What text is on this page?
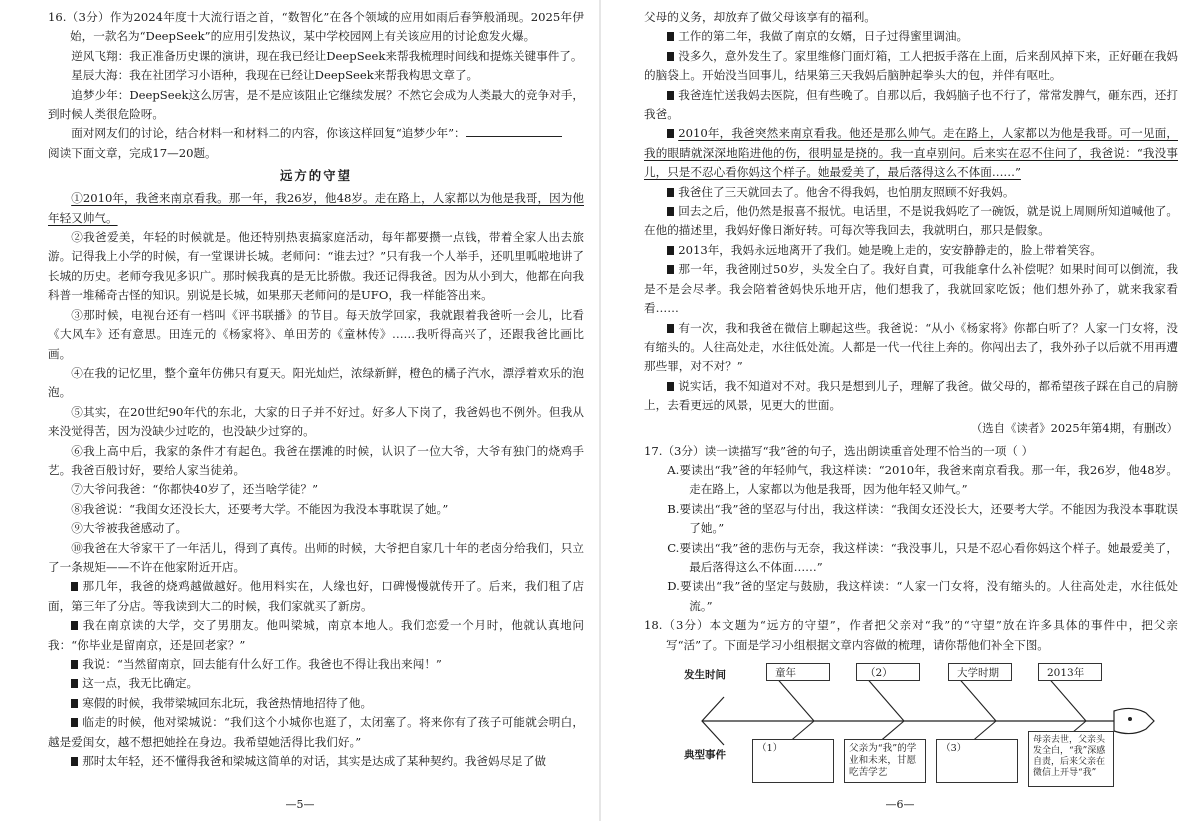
16.（3分）作为2024年度十大流行语之首，“数智化”在各个领域的应用如雨后春笋般涌现。2025年伊始，一款名为“DeepSeek”的应用引发热议，某中学校园网上有关该应用的讨论愈发火爆。

逆风飞翔：我正准备历史课的演讲，现在我已经让DeepSeek来帮我梳理时间线和提炼关键事件了。

星辰大海：我在社团学习小语种，我现在已经让DeepSeek来帮我构思文章了。

追梦少年：DeepSeek这么厉害，是不是应该阻止它继续发展？不然它会成为人类最大的竞争对手，到时候人类很危险呀。

面对网友们的讨论，结合材料一和材料二的内容，你该这样回复“追梦少年”：

阅读下面文章，完成17—20题。

远方的守望

①2010年，我爸来南京看我。那一年，我26岁，他48岁。走在路上，人家都以为他是我哥，因为他年轻又帅气。

②我爸爱美，年轻的时候就是。他还特别热衷搞家庭活动，每年都要攒一点钱，带着全家人出去旅游。记得我上小学的时候，有一堂课讲长城。老师问：“谁去过？”只有我一个人举手，还叽里呱啦地讲了长城的历史。老师夸我见多识广。那时候我真的是无比骄傲。我还记得我爸。因为从小到大，他都在向我科普一堆稀奇古怪的知识。别说是长城，如果那天老师问的是UFO，我一样能答出来。

③那时候，电视台还有一档叫《评书联播》的节目。每天放学回家，我就跟着我爸听一会儿，比看《大风车》还有意思。田连元的《杨家将》、单田芳的《童林传》……我听得高兴了，还跟我爸比画比画。

④在我的记忆里，整个童年仿佛只有夏天。阳光灿烂，浓绿新鲜，橙色的橘子汽水，漂浮着欢乐的泡泡。

⑤其实，在20世纪90年代的东北，大家的日子并不好过。好多人下岗了，我爸妈也不例外。但我从来没觉得苦，因为没缺少过吃的，也没缺少过穿的。

⑥我上高中后，我家的条件才有起色。我爸在摆滩的时候，认识了一位大爷，大爷有独门的烧鸡手艺。我爸百般讨好，要给人家当徒弟。

⑦大爷问我爸：“你都快40岁了，还当啥学徒？”

⑧我爸说：“我闺女还没长大，还要考大学。不能因为我没本事耽误了她。”

⑨大爷被我爸感动了。

⑩我爸在大爷家干了一年活儿，得到了真传。出师的时候，大爷把自家几十年的老卤分给我们，只立了一条规矩——不许在他家附近开店。

那几年，我爸的烧鸡越做越好。他用料实在，人缘也好，口碑慢慢就传开了。后来，我们租了店面，第三年了分店。等我读到大二的时候，我们家就买了新房。

我在南京读的大学，交了男朋友。他叫梁城，南京本地人。我们恋爱一个月时，他就认真地问我：“你毕业是留南京，还是回老家？”

我说：“当然留南京，回去能有什么好工作。我爸也不得让我出来闯！”

这一点，我无比确定。

寒假的时候，我带梁城回东北玩，我爸热情地招待了他。

临走的时候，他对梁城说：“我们这个小城你也逛了，太闭塞了。将来你有了孩子可能就会明白，越是爱闺女，越不想把她拴在身边。我希望她活得比我们好。”

那时太年轻，还不懂得我爸和梁城这简单的对话，其实是达成了某种契约。我爸妈尽足了做

—5—

父母的义务，却放弃了做父母该享有的福利。

工作的第二年，我做了南京的女婿，日子过得蜜里调油。

没多久，意外发生了。家里维修门面灯箱，工人把扳手落在上面，后来刮风掉下来，正好砸在我妈的脑袋上。开始没当回事儿，结果第三天我妈后脑肿起拳头大的包，并伴有呕吐。

我爸连忙送我妈去医院，但有些晚了。自那以后，我妈脑子也不行了，常常发脾气，砸东西，还打我爸。

2010年，我爸突然来南京看我。他还是那么帅气。走在路上，人家都以为他是我哥。可一见面，我的眼睛就深深地陷进他的伤，很明显是挠的。我一直卓别问。后来实在忍不住问了，我爸说：“我没事儿，只是不忍心看你妈这个样子。她最爱美了，最后落得这么不体面……”

我爸住了三天就回去了。他舍不得我妈，也怕朋友照顾不好我妈。

回去之后，他仍然是报喜不报忧。电话里，不是说我妈吃了一碗饭，就是说上周厕所知道喊他了。在他的描述里，我妈好像日渐好转。可每次等我回去，我就明白，那只是假象。

2013年，我妈永远地离开了我们。她是晚上走的，安安静静走的，脸上带着笑容。

那一年，我爸刚过50岁，头发全白了。我好自責，可我能拿什么补偿呢？如果时间可以倒流，我是不是会尽孝。我会陪着爸妈快乐地开店，他们想我了，我就回家吃饭；他们想外孙了，就来我家看看……

有一次，我和我爸在微信上聊起这些。我爸说：“从小《杨家将》你都白听了？人家一门女将，没有缩头的。人往高处走，水往低处流。人都是一代一代往上奔的。你闯出去了，我外孙子以后就不用再遭那些罪，对不对？”

说实话，我不知道对不对。我只是想到儿子，理解了我爸。做父母的，都希望孩子踩在自己的肩膀上，去看更远的风景，见更大的世面。

（选自《读者》2025年第4期，有删改）

17.（3分）读一读描写“我”爸的句子，选出朗读重音处理不恰当的一项（ ）

A.要读出“我”爸的年轻帅气，我这样读：“2010年，我爸来南京看我。那一年，我26岁，他48岁。走在路上，人家都以为他是我哥，因为他年轻又帅气。”

B.要读出“我”爸的坚忍与付出，我这样读：“我闺女还没长大，还要考大学。不能因为我没本事耽误了她。”

C.要读出“我”爸的悲伤与无奈，我这样读：“我没事儿，只是不忍心看你妈这个样子。她最爱美了，最后落得这么不体面……”

D.要读出“我”爸的坚定与鼓励，我这样读：“人家一门女将，没有缩头的。人往高处走，水往低处流。”

18.（3分）本文题为“远方的守望”，作者把父亲对“我”的“守望”放在许多具体的事件中，把父亲写“活”了。下面是学习小组根据文章内容做的梳理，请你帮他们补全下图。

发生时间
典型事件
童年	（2）	大学时期	2013年
（1）	父亲为“我”的学业和未来，甘愿吃苦学艺
（3）
母亲去世，父亲头发全白，“我”深感自责，后来父亲在微信上开导“我”
—6—
